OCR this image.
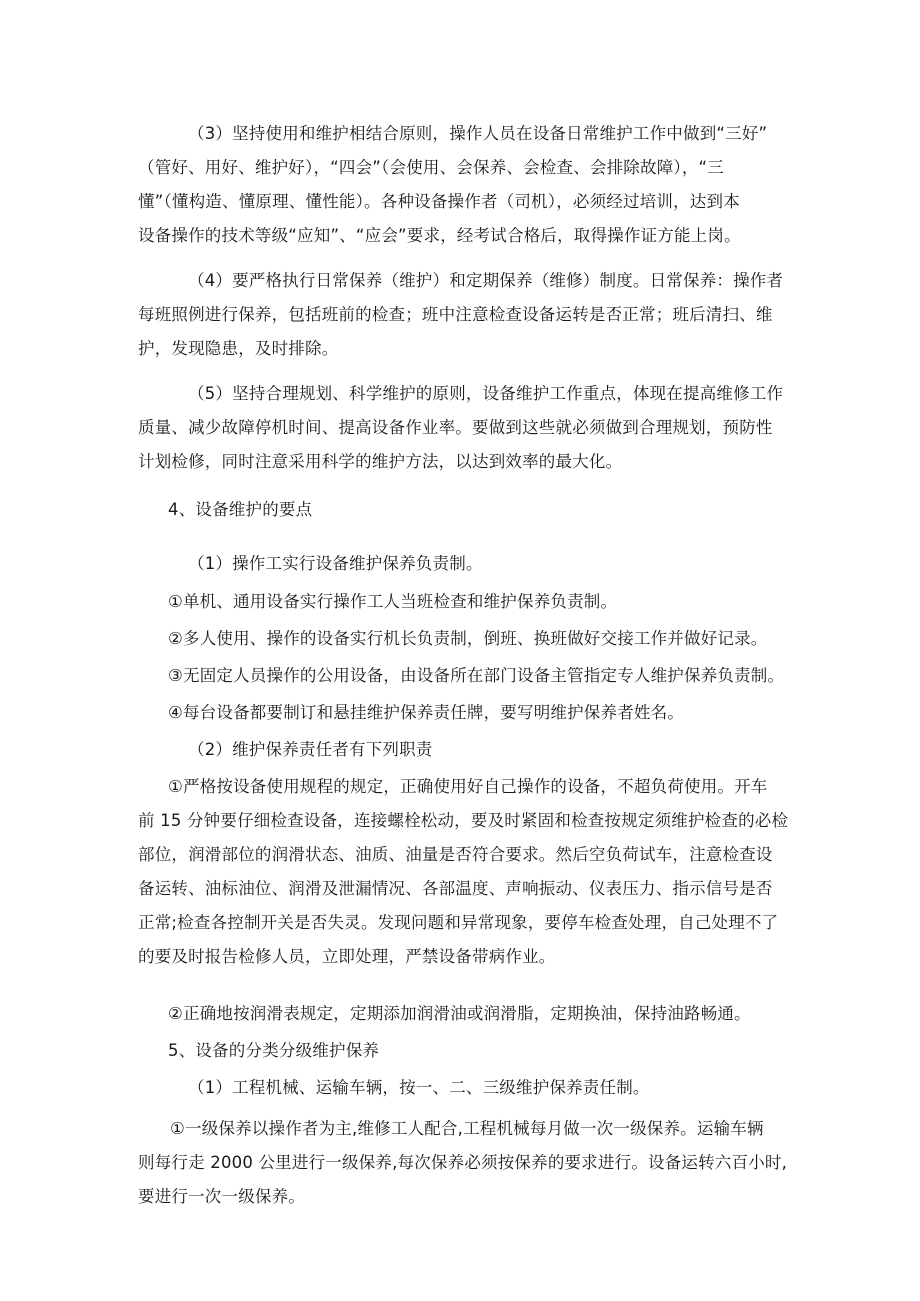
（3）坚持使用和维护相结合原则，操作人员在设备日常维护工作中做到“三好”
（管好、用好、维护好），“四会”（会使用、会保养、会检查、会排除故障），“三
懂”（懂构造、懂原理、懂性能）。各种设备操作者（司机），必须经过培训，达到本
设备操作的技术等级“应知”、“应会”要求，经考试合格后，取得操作证方能上岗。
（4）要严格执行日常保养（维护）和定期保养（维修）制度。日常保养：操作者
每班照例进行保养，包括班前的检查；班中注意检查设备运转是否正常；班后清扫、维
护，发现隐患，及时排除。
（5）坚持合理规划、科学维护的原则，设备维护工作重点，体现在提高维修工作
质量、减少故障停机时间、提高设备作业率。要做到这些就必须做到合理规划，预防性
计划检修，同时注意采用科学的维护方法，以达到效率的最大化。
4、设备维护的要点
（1）操作工实行设备维护保养负责制。
①单机、通用设备实行操作工人当班检查和维护保养负责制。
②多人使用、操作的设备实行机长负责制，倒班、换班做好交接工作并做好记录。
③无固定人员操作的公用设备，由设备所在部门设备主管指定专人维护保养负责制。
④每台设备都要制订和悬挂维护保养责任牌，要写明维护保养者姓名。
（2）维护保养责任者有下列职责
①严格按设备使用规程的规定，正确使用好自己操作的设备，不超负荷使用。开车
前 15 分钟要仔细检查设备，连接螺栓松动，要及时紧固和检查按规定须维护检查的必检
部位，润滑部位的润滑状态、油质、油量是否符合要求。然后空负荷试车，注意检查设
备运转、油标油位、润滑及泄漏情况、各部温度、声响振动、仪表压力、指示信号是否
正常;检查各控制开关是否失灵。发现问题和异常现象，要停车检查处理，自己处理不了
的要及时报告检修人员，立即处理，严禁设备带病作业。
②正确地按润滑表规定，定期添加润滑油或润滑脂，定期换油，保持油路畅通。
5、设备的分类分级维护保养
（1）工程机械、运输车辆，按一、二、三级维护保养责任制。
①一级保养以操作者为主,维修工人配合,工程机械每月做一次一级保养。运输车辆
则每行走 2000 公里进行一级保养,每次保养必须按保养的要求进行。设备运转六百小时,
要进行一次一级保养。
